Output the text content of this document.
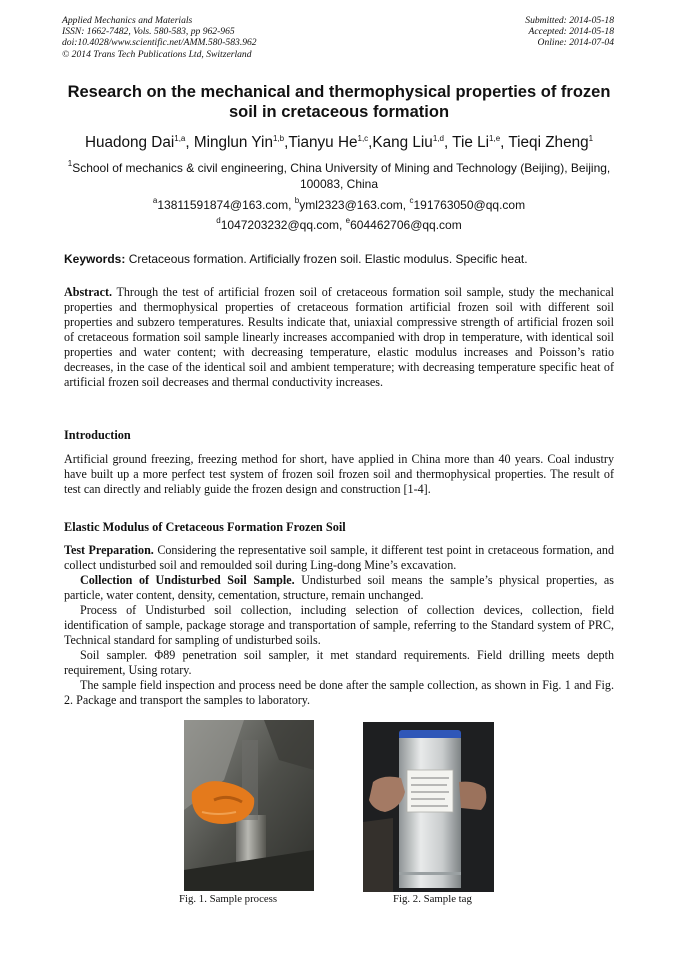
Applied Mechanics and Materials
ISSN: 1662-7482, Vols. 580-583, pp 962-965
doi:10.4028/www.scientific.net/AMM.580-583.962
© 2014 Trans Tech Publications Ltd, Switzerland
Submitted: 2014-05-18
Accepted: 2014-05-18
Online: 2014-07-04
Research on the mechanical and thermophysical properties of frozen soil in cretaceous formation
Huadong Dai$^{1,a}$, Minglun Yin$^{1,b}$,Tianyu He$^{1,c}$,Kang Liu$^{1,d}$, Tie Li$^{1,e}$, Tieqi Zheng$^1$
$^1$School of mechanics & civil engineering, China University of Mining and Technology (Beijing), Beijing, 100083, China
$^a$13811591874@163.com, $^b$yml2323@163.com, $^c$191763050@qq.com
$^d$1047203232@qq.com, $^e$604462706@qq.com
Keywords: Cretaceous formation. Artificially frozen soil. Elastic modulus. Specific heat.
Abstract. Through the test of artificial frozen soil of cretaceous formation soil sample, study the mechanical properties and thermophysical properties of cretaceous formation artificial frozen soil with different soil properties and subzero temperatures. Results indicate that, uniaxial compressive strength of artificial frozen soil of cretaceous formation soil sample linearly increases accompanied with drop in temperature, with identical soil properties and water content; with decreasing temperature, elastic modulus increases and Poisson’s ratio decreases, in the case of the identical soil and ambient temperature; with decreasing temperature specific heat of artificial frozen soil decreases and thermal conductivity increases.
Introduction
Artificial ground freezing, freezing method for short, have applied in China more than 40 years. Coal industry have built up a more perfect test system of frozen soil frozen soil and thermophysical properties. The result of test can directly and reliably guide the frozen design and construction [1-4].
Elastic Modulus of Cretaceous Formation Frozen Soil
Test Preparation. Considering the representative soil sample, it different test point in cretaceous formation, and collect undisturbed soil and remoulded soil during Ling-dong Mine’s excavation.
Collection of Undisturbed Soil Sample. Undisturbed soil means the sample’s physical properties, as particle, water content, density, cementation, structure, remain unchanged.
Process of Undisturbed soil collection, including selection of collection devices, collection, field identification of sample, package storage and transportation of sample, referring to the Standard system of PRC, Technical standard for sampling of undisturbed soils.
Soil sampler. Φ89 penetration soil sampler, it met standard requirements. Field drilling meets depth requirement, Using rotary.
The sample field inspection and process need be done after the sample collection, as shown in Fig. 1 and Fig. 2. Package and transport the samples to laboratory.
Fig. 1. Sample process	Fig. 2. Sample tag
